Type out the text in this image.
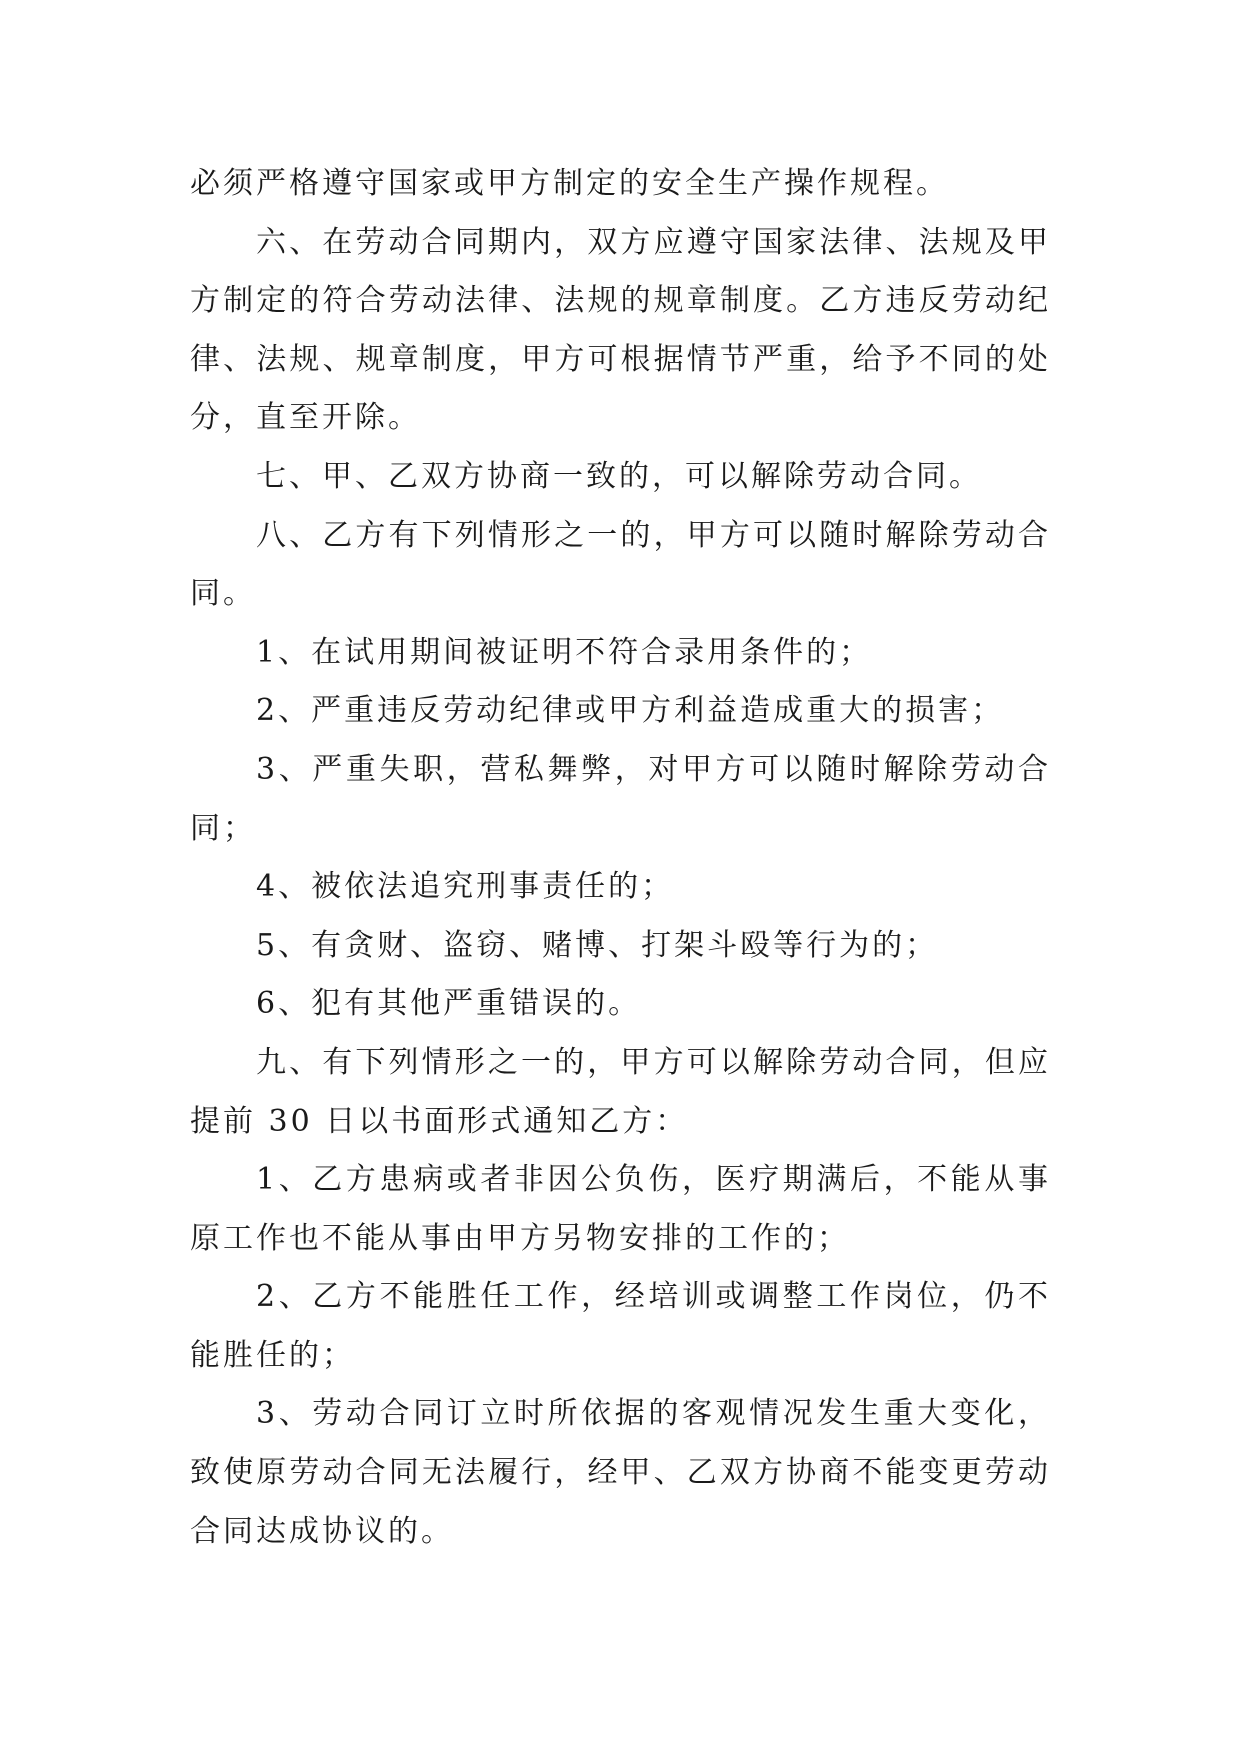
必须严格遵守国家或甲方制定的安全生产操作规程。
六、在劳动合同期内，双方应遵守国家法律、法规及甲
方制定的符合劳动法律、法规的规章制度。乙方违反劳动纪
律、法规、规章制度，甲方可根据情节严重，给予不同的处
分，直至开除。
七、甲、乙双方协商一致的，可以解除劳动合同。
八、乙方有下列情形之一的，甲方可以随时解除劳动合
同。
1、在试用期间被证明不符合录用条件的；
2、严重违反劳动纪律或甲方利益造成重大的损害；
3、严重失职，营私舞弊，对甲方可以随时解除劳动合
同；
4、被依法追究刑事责任的；
5、有贪财、盗窃、赌博、打架斗殴等行为的；
6、犯有其他严重错误的。
九、有下列情形之一的，甲方可以解除劳动合同，但应
提前 30 日以书面形式通知乙方：
1、乙方患病或者非因公负伤，医疗期满后，不能从事
原工作也不能从事由甲方另物安排的工作的；
2、乙方不能胜任工作，经培训或调整工作岗位，仍不
能胜任的；
3、劳动合同订立时所依据的客观情况发生重大变化，
致使原劳动合同无法履行，经甲、乙双方协商不能变更劳动
合同达成协议的。
